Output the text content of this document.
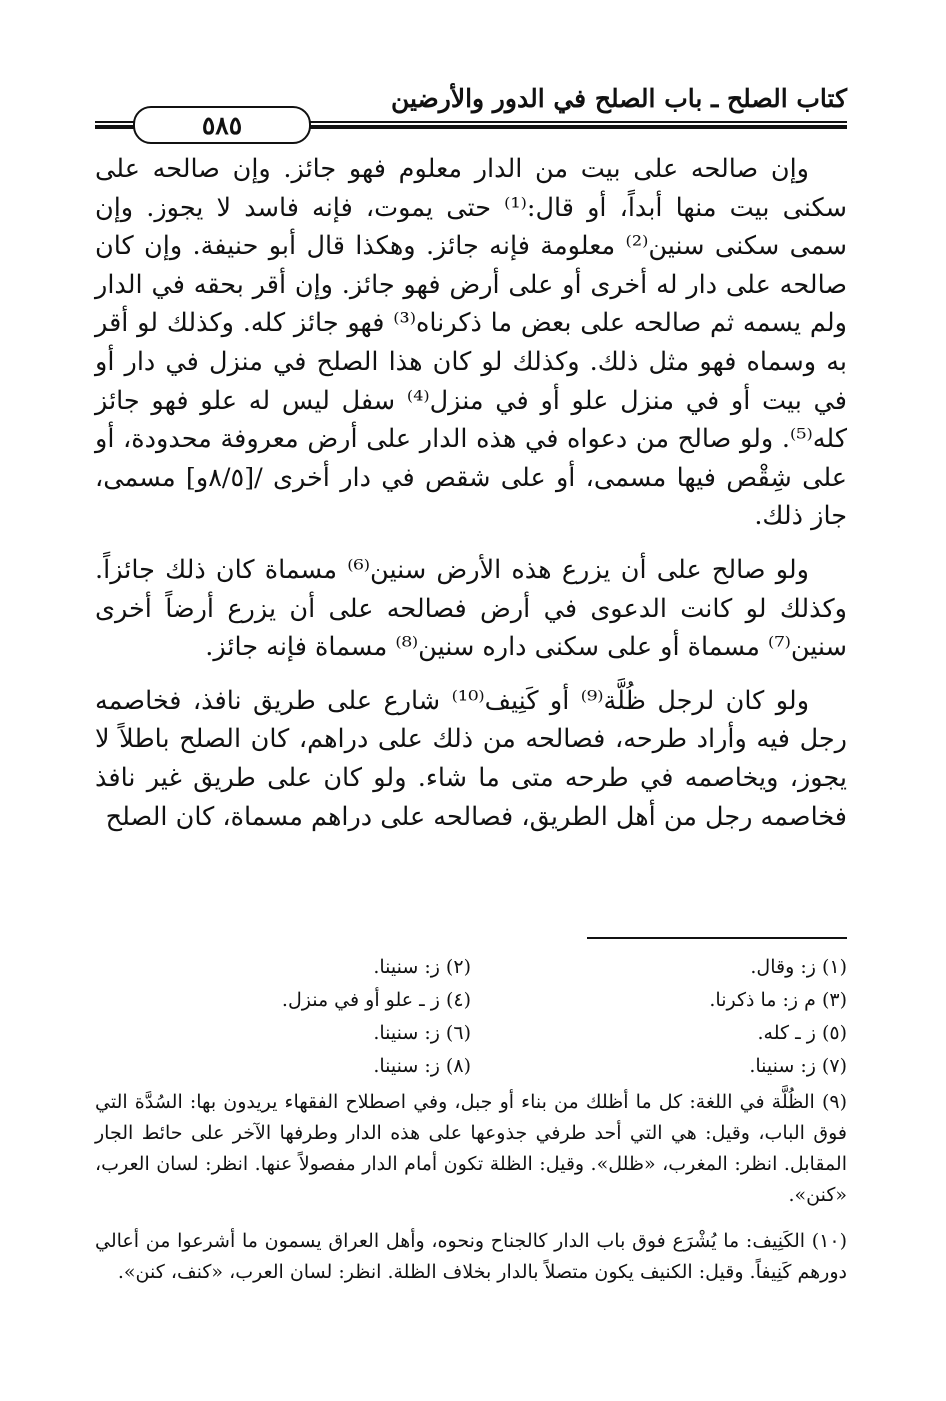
كتاب الصلح ـ باب الصلح في الدور والأرضين
٥٨٥

وإن صالحه على بيت من الدار معلوم فهو جائز. وإن صالحه على سكنى بيت منها أبداً، أو قال:⁽¹⁾ حتى يموت، فإنه فاسد لا يجوز. وإن سمى سكنى سنين⁽²⁾ معلومة فإنه جائز. وهكذا قال أبو حنيفة. وإن كان صالحه على دار له أخرى أو على أرض فهو جائز. وإن أقر بحقه في الدار ولم يسمه ثم صالحه على بعض ما ذكرناه⁽³⁾ فهو جائز كله. وكذلك لو أقر به وسماه فهو مثل ذلك. وكذلك لو كان هذا الصلح في منزل في دار أو في بيت أو في منزل علو أو في منزل⁽⁴⁾ سفل ليس له علو فهو جائز كله⁽⁵⁾. ولو صالح من دعواه في هذه الدار على أرض معروفة محدودة، أو على شِقْص فيها مسمى، أو على شقص في دار أخرى /[٨/٥و] مسمى، جاز ذلك.

ولو صالح على أن يزرع هذه الأرض سنين⁽⁶⁾ مسماة كان ذلك جائزاً. وكذلك لو كانت الدعوى في أرض فصالحه على أن يزرع أرضاً أخرى سنين⁽⁷⁾ مسماة أو على سكنى داره سنين⁽⁸⁾ مسماة فإنه جائز.

ولو كان لرجل ظُلَّة⁽⁹⁾ أو كَنِيف⁽¹⁰⁾ شارع على طريق نافذ، فخاصمه رجل فيه وأراد طرحه، فصالحه من ذلك على دراهم، كان الصلح باطلاً لا يجوز، ويخاصمه في طرحه متى ما شاء. ولو كان على طريق غير نافذ فخاصمه رجل من أهل الطريق، فصالحه على دراهم مسماة، كان الصلح

(١) ز: وقال.
(٢) ز: سنينا.
(٣) م ز: ما ذكرنا.
(٤) ز ـ علو أو في منزل.
(٥) ز ـ كله.
(٦) ز: سنينا.
(٧) ز: سنينا.
(٨) ز: سنينا.
(٩) الظُلَّة في اللغة: كل ما أظلك من بناء أو جبل، وفي اصطلاح الفقهاء يريدون بها: السُدَّة التي فوق الباب، وقيل: هي التي أحد طرفي جذوعها على هذه الدار وطرفها الآخر على حائط الجار المقابل. انظر: المغرب، «ظلل». وقيل: الظلة تكون أمام الدار مفصولاً عنها. انظر: لسان العرب، «كنن».
(١٠) الكَنِيف: ما يُشْرَع فوق باب الدار كالجناح ونحوه، وأهل العراق يسمون ما أشرعوا من أعالي دورهم كَنِيفاً. وقيل: الكنيف يكون متصلاً بالدار بخلاف الظلة. انظر: لسان العرب، «كنف، كنن».
